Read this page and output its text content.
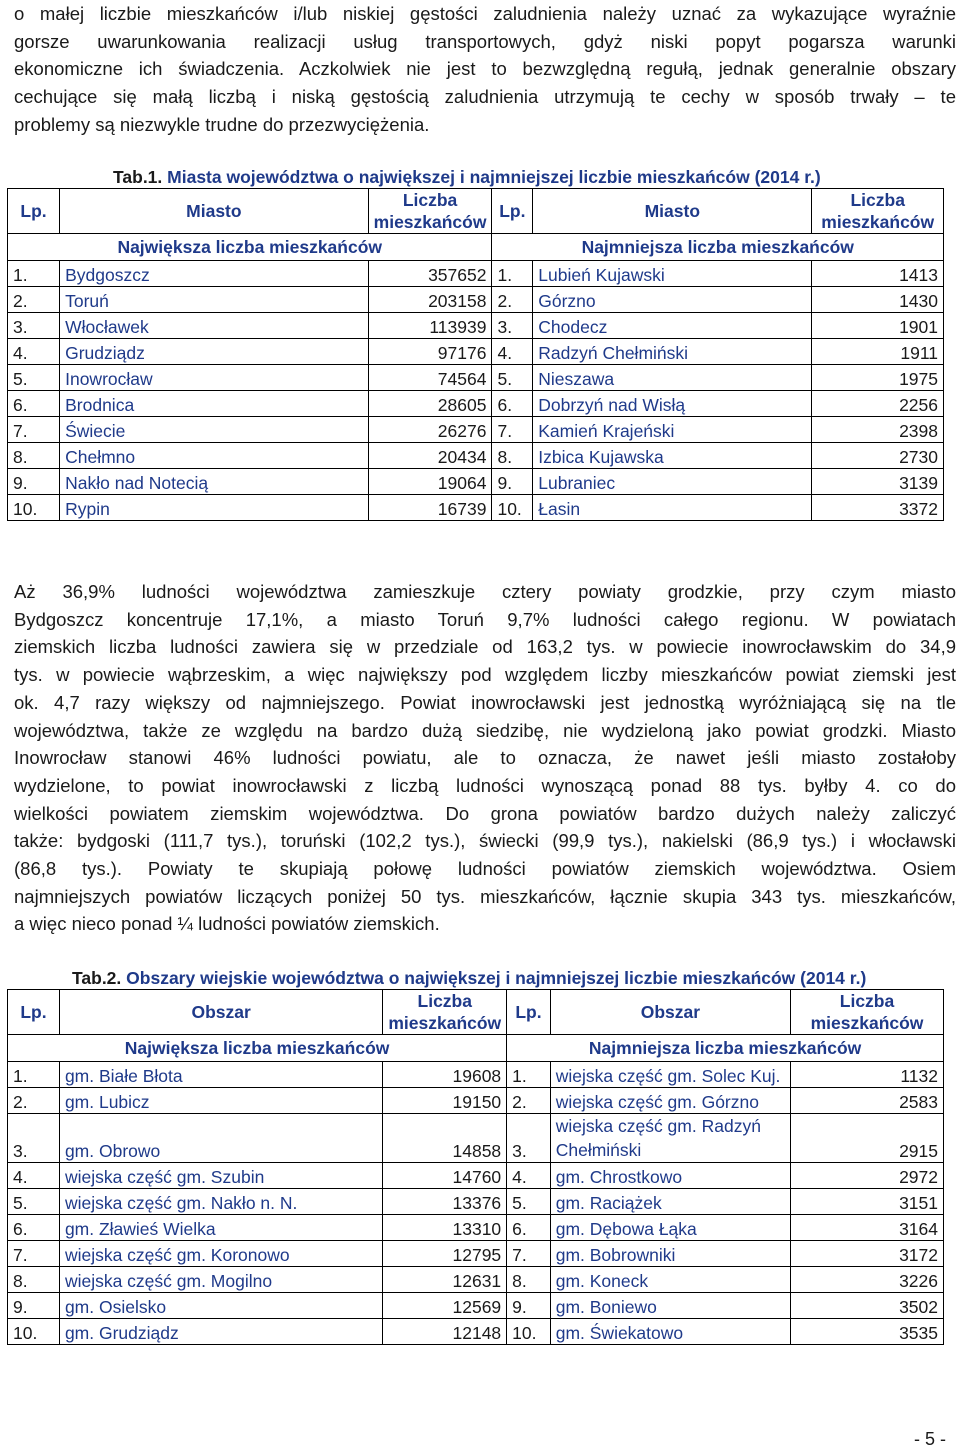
o małej liczbie mieszkańców i/lub niskiej gęstości zaludnienia należy uznać za wykazujące wyraźnie
gorsze uwarunkowania realizacji usług transportowych, gdyż niski popyt pogarsza warunki
ekonomiczne ich świadczenia. Aczkolwiek nie jest to bezwzględną regułą, jednak generalnie obszary
cechujące się małą liczbą i niską gęstością zaludnienia utrzymują te cechy w sposób trwały – te
problemy są niezwykle trudne do przezwyciężenia.
Tab.1. Miasta województwa o największej i najmniejszej liczbie mieszkańców (2014 r.)
Lp.	Miasto	Liczba
mieszkańców	Lp.	Miasto	Liczba
mieszkańców
Największa liczba mieszkańców			Najmniejsza liczba mieszkańców		
1.	Bydgoszcz	357652	1.	Lubień Kujawski	1413
2.	Toruń	203158	2.	Górzno	1430
3.	Włocławek	113939	3.	Chodecz	1901
4.	Grudziądz	97176	4.	Radzyń Chełmiński	1911
5.	Inowrocław	74564	5.	Nieszawa	1975
6.	Brodnica	28605	6.	Dobrzyń nad Wisłą	2256
7.	Świecie	26276	7.	Kamień Krajeński	2398
8.	Chełmno	20434	8.	Izbica Kujawska	2730
9.	Nakło nad Notecią	19064	9.	Lubraniec	3139
10.	Rypin	16739	10.	Łasin	3372
Aż 36,9% ludności województwa zamieszkuje cztery powiaty grodzkie, przy czym miasto
Bydgoszcz koncentruje 17,1%, a miasto Toruń 9,7% ludności całego regionu. W powiatach
ziemskich liczba ludności zawiera się w przedziale od 163,2 tys. w powiecie inowrocławskim do 34,9
tys. w powiecie wąbrzeskim, a więc największy pod względem liczby mieszkańców powiat ziemski jest
ok. 4,7 razy większy od najmniejszego. Powiat inowrocławski jest jednostką wyróżniającą się na tle
województwa, także ze względu na bardzo dużą siedzibę, nie wydzieloną jako powiat grodzki. Miasto
Inowrocław stanowi 46% ludności powiatu, ale to oznacza, że nawet jeśli miasto zostałoby
wydzielone, to powiat inowrocławski z liczbą ludności wynoszącą ponad 88 tys. byłby 4. co do
wielkości powiatem ziemskim województwa. Do grona powiatów bardzo dużych należy zaliczyć
także: bydgoski (111,7 tys.), toruński (102,2 tys.), świecki (99,9 tys.), nakielski (86,9 tys.) i włocławski
(86,8 tys.). Powiaty te skupiają połowę ludności powiatów ziemskich województwa. Osiem
najmniejszych powiatów liczących poniżej 50 tys. mieszkańców, łącznie skupia 343 tys. mieszkańców,
a więc nieco ponad ¼ ludności powiatów ziemskich.
Tab.2. Obszary wiejskie województwa o największej i najmniejszej liczbie mieszkańców (2014 r.)
Lp.	Obszar	Liczba
mieszkańców	Lp.	Obszar	Liczba
mieszkańców
Największa liczba mieszkańców			Najmniejsza liczba mieszkańców		
1.	gm. Białe Błota	19608	1.	wiejska część gm. Solec Kuj.	1132
2.	gm. Lubicz	19150	2.	wiejska część gm. Górzno	2583
3.	gm. Obrowo	14858	3.	wiejska część gm. Radzyń
Chełmiński	2915
4.	wiejska część gm. Szubin	14760	4.	gm. Chrostkowo	2972
5.	wiejska część gm. Nakło n. N.	13376	5.	gm. Raciążek	3151
6.	gm. Zławieś Wielka	13310	6.	gm. Dębowa Łąka	3164
7.	wiejska część gm. Koronowo	12795	7.	gm. Bobrowniki	3172
8.	wiejska część gm. Mogilno	12631	8.	gm. Koneck	3226
9.	gm. Osielsko	12569	9.	gm. Boniewo	3502
10.	gm. Grudziądz	12148	10.	gm. Świekatowo	3535
- 5 -
